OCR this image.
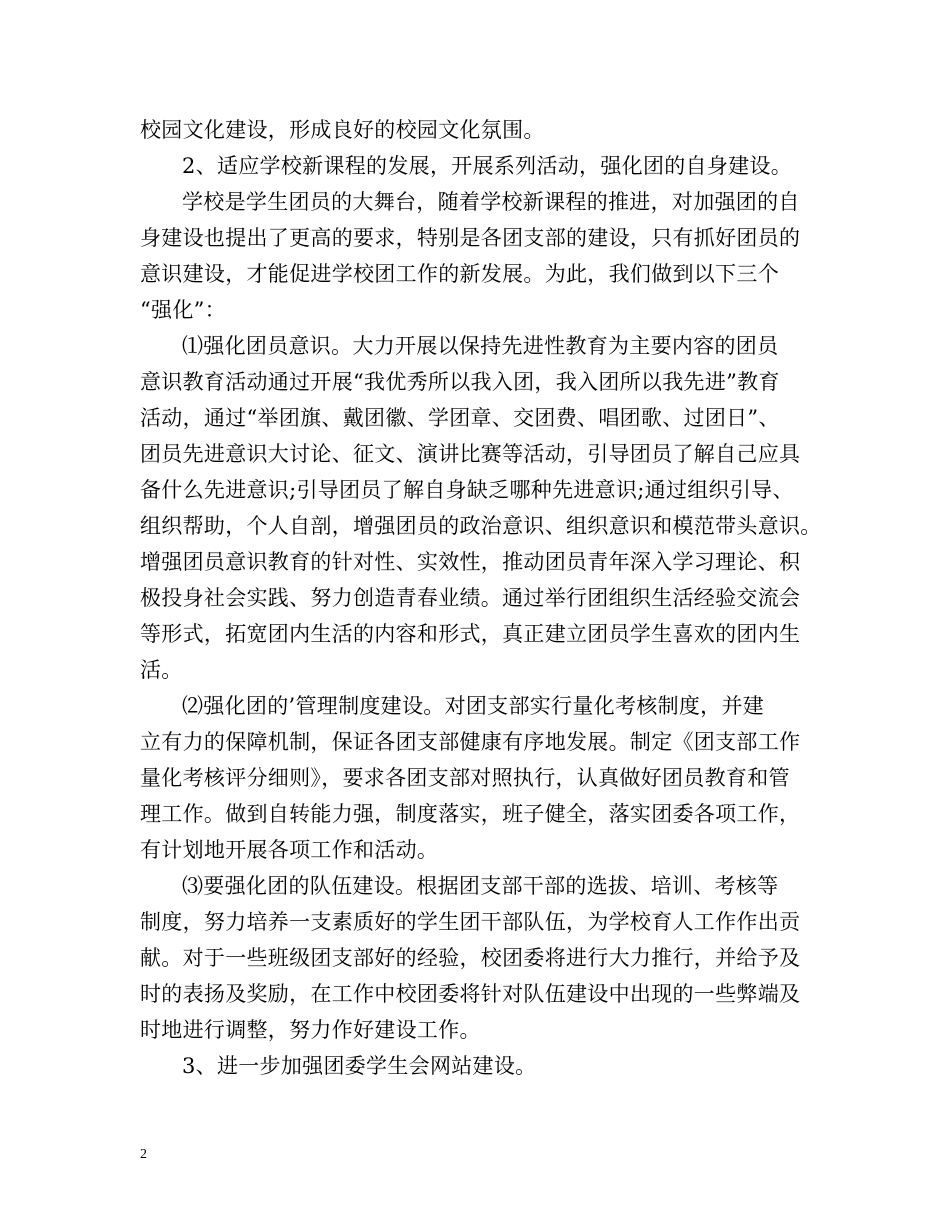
校园文化建设，形成良好的校园文化氛围。
2、适应学校新课程的发展，开展系列活动，强化团的自身建设。
学校是学生团员的大舞台，随着学校新课程的推进，对加强团的自
身建设也提出了更高的要求，特别是各团支部的建设，只有抓好团员的
意识建设，才能促进学校团工作的新发展。为此，我们做到以下三个
“强化”：
⑴强化团员意识。大力开展以保持先进性教育为主要内容的团员
意识教育活动通过开展“我优秀所以我入团，我入团所以我先进”教育
活动，通过“举团旗、戴团徽、学团章、交团费、唱团歌、过团日”、
团员先进意识大讨论、征文、演讲比赛等活动，引导团员了解自己应具
备什么先进意识;引导团员了解自身缺乏哪种先进意识;通过组织引导、
组织帮助，个人自剖，增强团员的政治意识、组织意识和模范带头意识。
增强团员意识教育的针对性、实效性，推动团员青年深入学习理论、积
极投身社会实践、努力创造青春业绩。通过举行团组织生活经验交流会
等形式，拓宽团内生活的内容和形式，真正建立团员学生喜欢的团内生
活。
⑵强化团的’管理制度建设。对团支部实行量化考核制度，并建
立有力的保障机制，保证各团支部健康有序地发展。制定《团支部工作
量化考核评分细则》，要求各团支部对照执行，认真做好团员教育和管
理工作。做到自转能力强，制度落实，班子健全，落实团委各项工作，
有计划地开展各项工作和活动。
⑶要强化团的队伍建设。根据团支部干部的选拔、培训、考核等
制度，努力培养一支素质好的学生团干部队伍，为学校育人工作作出贡
献。对于一些班级团支部好的经验，校团委将进行大力推行，并给予及
时的表扬及奖励，在工作中校团委将针对队伍建设中出现的一些弊端及
时地进行调整，努力作好建设工作。
3、进一步加强团委学生会网站建设。
2
